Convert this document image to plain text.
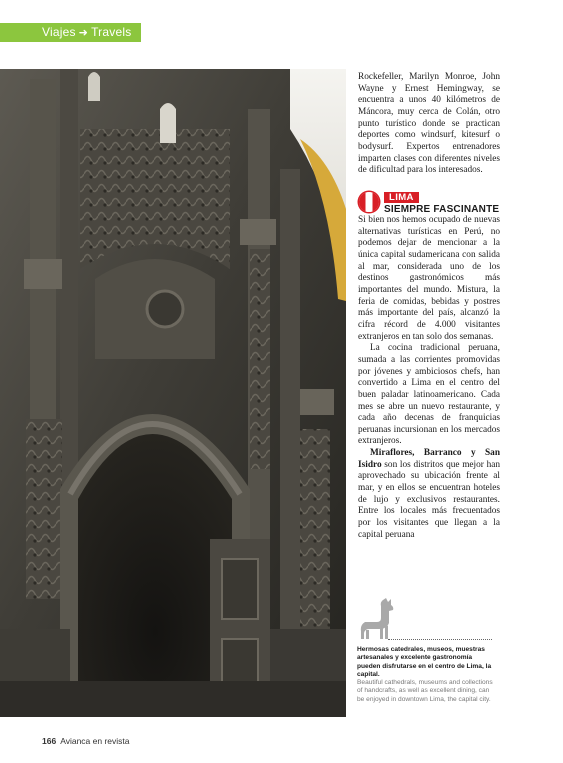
Viajes ➜ Travels

Rockefeller, Marilyn Monroe, John Wayne y Ernest Hemingway, se encuentra a unos 40 kilómetros de Máncora, muy cerca de Colán, otro punto turístico donde se practican deportes como windsurf, kitesurf o bodysurf. Expertos entrenadores imparten clases con diferentes niveles de dificultad para los interesados.

LIMA
SIEMPRE FASCINANTE

Si bien nos hemos ocupado de nuevas alternativas turísticas en Perú, no podemos dejar de mencionar a la única capital sudamericana con salida al mar, considerada uno de los destinos gastronómicos más importantes del mundo. Mistura, la feria de comidas, bebidas y postres más importante del país, alcanzó la cifra récord de 4.000 visitantes extranjeros en tan solo dos semanas.

La cocina tradicional peruana, sumada a las corrientes promovidas por jóvenes y ambiciosos chefs, han convertido a Lima en el centro del buen paladar latinoamericano. Cada mes se abre un nuevo restaurante, y cada año decenas de franquicias peruanas incursionan en los mercados extranjeros.

Miraflores, Barranco y San Isidro son los distritos que mejor han aprovechado su ubicación frente al mar, y en ellos se encuentran hoteles de lujo y exclusivos restaurantes. Entre los locales más frecuentados por los visitantes que llegan a la capital peruana

Hermosas catedrales, museos, muestras artesanales y excelente gastronomía pueden disfrutarse en el centro de Lima, la capital.
Beautiful cathedrals, museums and collections of handcrafts, as well as excellent dining, can be enjoyed in downtown Lima, the capital city.
166 Avianca en revista
